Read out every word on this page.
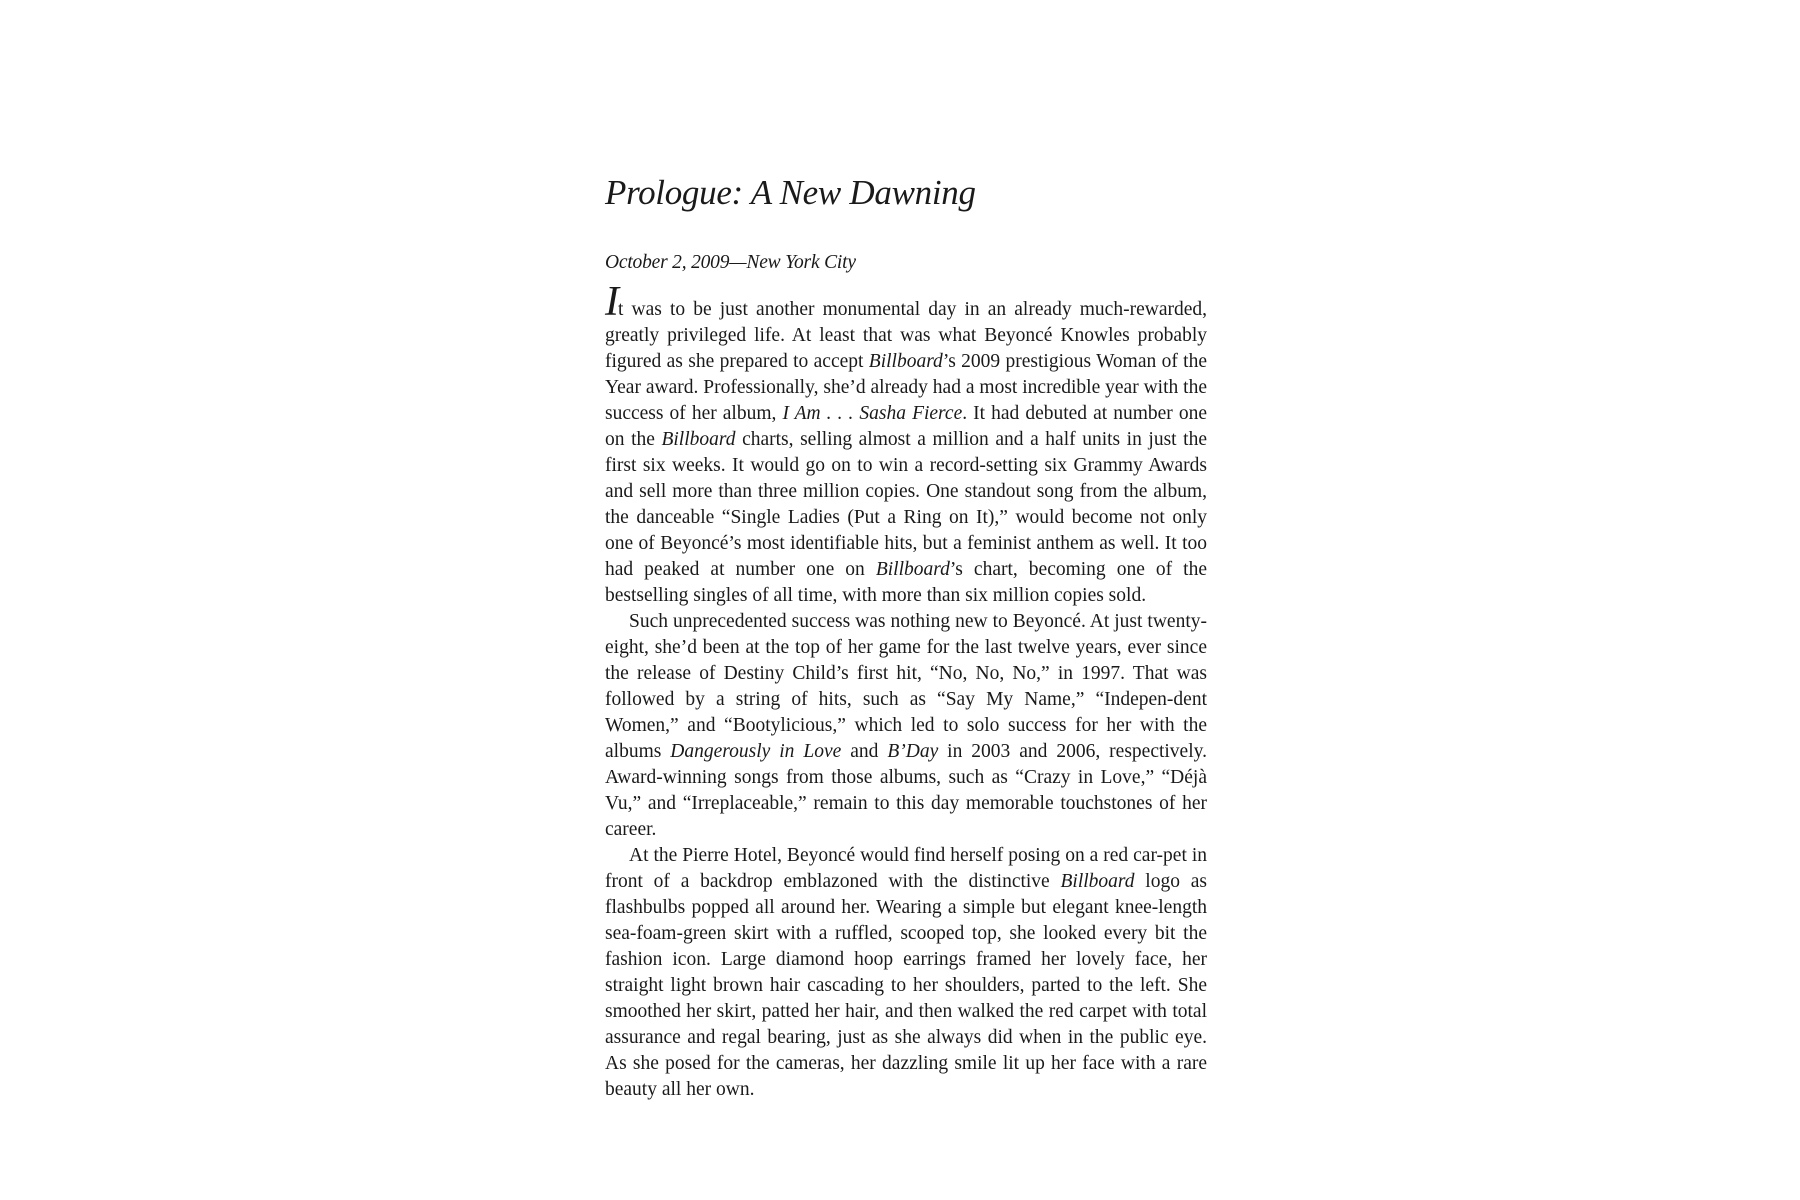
Prologue: A New Dawning

October 2, 2009—New York City

It was to be just another monumental day in an already much-rewarded, greatly privileged life. At least that was what Beyoncé Knowles probably figured as she prepared to accept Billboard’s 2009 prestigious Woman of the Year award. Professionally, she’d already had a most incredible year with the success of her album, I Am . . . Sasha Fierce. It had debuted at number one on the Billboard charts, selling almost a million and a half units in just the first six weeks. It would go on to win a record-setting six Grammy Awards and sell more than three million copies. One standout song from the album, the danceable “Single Ladies (Put a Ring on It),” would become not only one of Beyoncé’s most identifiable hits, but a feminist anthem as well. It too had peaked at number one on Billboard’s chart, becoming one of the bestselling singles of all time, with more than six million copies sold.

Such unprecedented success was nothing new to Beyoncé. At just twenty-eight, she’d been at the top of her game for the last twelve years, ever since the release of Destiny Child’s first hit, “No, No, No,” in 1997. That was followed by a string of hits, such as “Say My Name,” “Indepen-dent Women,” and “Bootylicious,” which led to solo success for her with the albums Dangerously in Love and B’Day in 2003 and 2006, respectively. Award-winning songs from those albums, such as “Crazy in Love,” “Déjà Vu,” and “Irreplaceable,” remain to this day memorable touchstones of her career.

At the Pierre Hotel, Beyoncé would find herself posing on a red car-pet in front of a backdrop emblazoned with the distinctive Billboard logo as flashbulbs popped all around her. Wearing a simple but elegant knee-length sea-foam-green skirt with a ruffled, scooped top, she looked every bit the fashion icon. Large diamond hoop earrings framed her lovely face, her straight light brown hair cascading to her shoulders, parted to the left. She smoothed her skirt, patted her hair, and then walked the red carpet with total assurance and regal bearing, just as she always did when in the public eye. As she posed for the cameras, her dazzling smile lit up her face with a rare beauty all her own.
